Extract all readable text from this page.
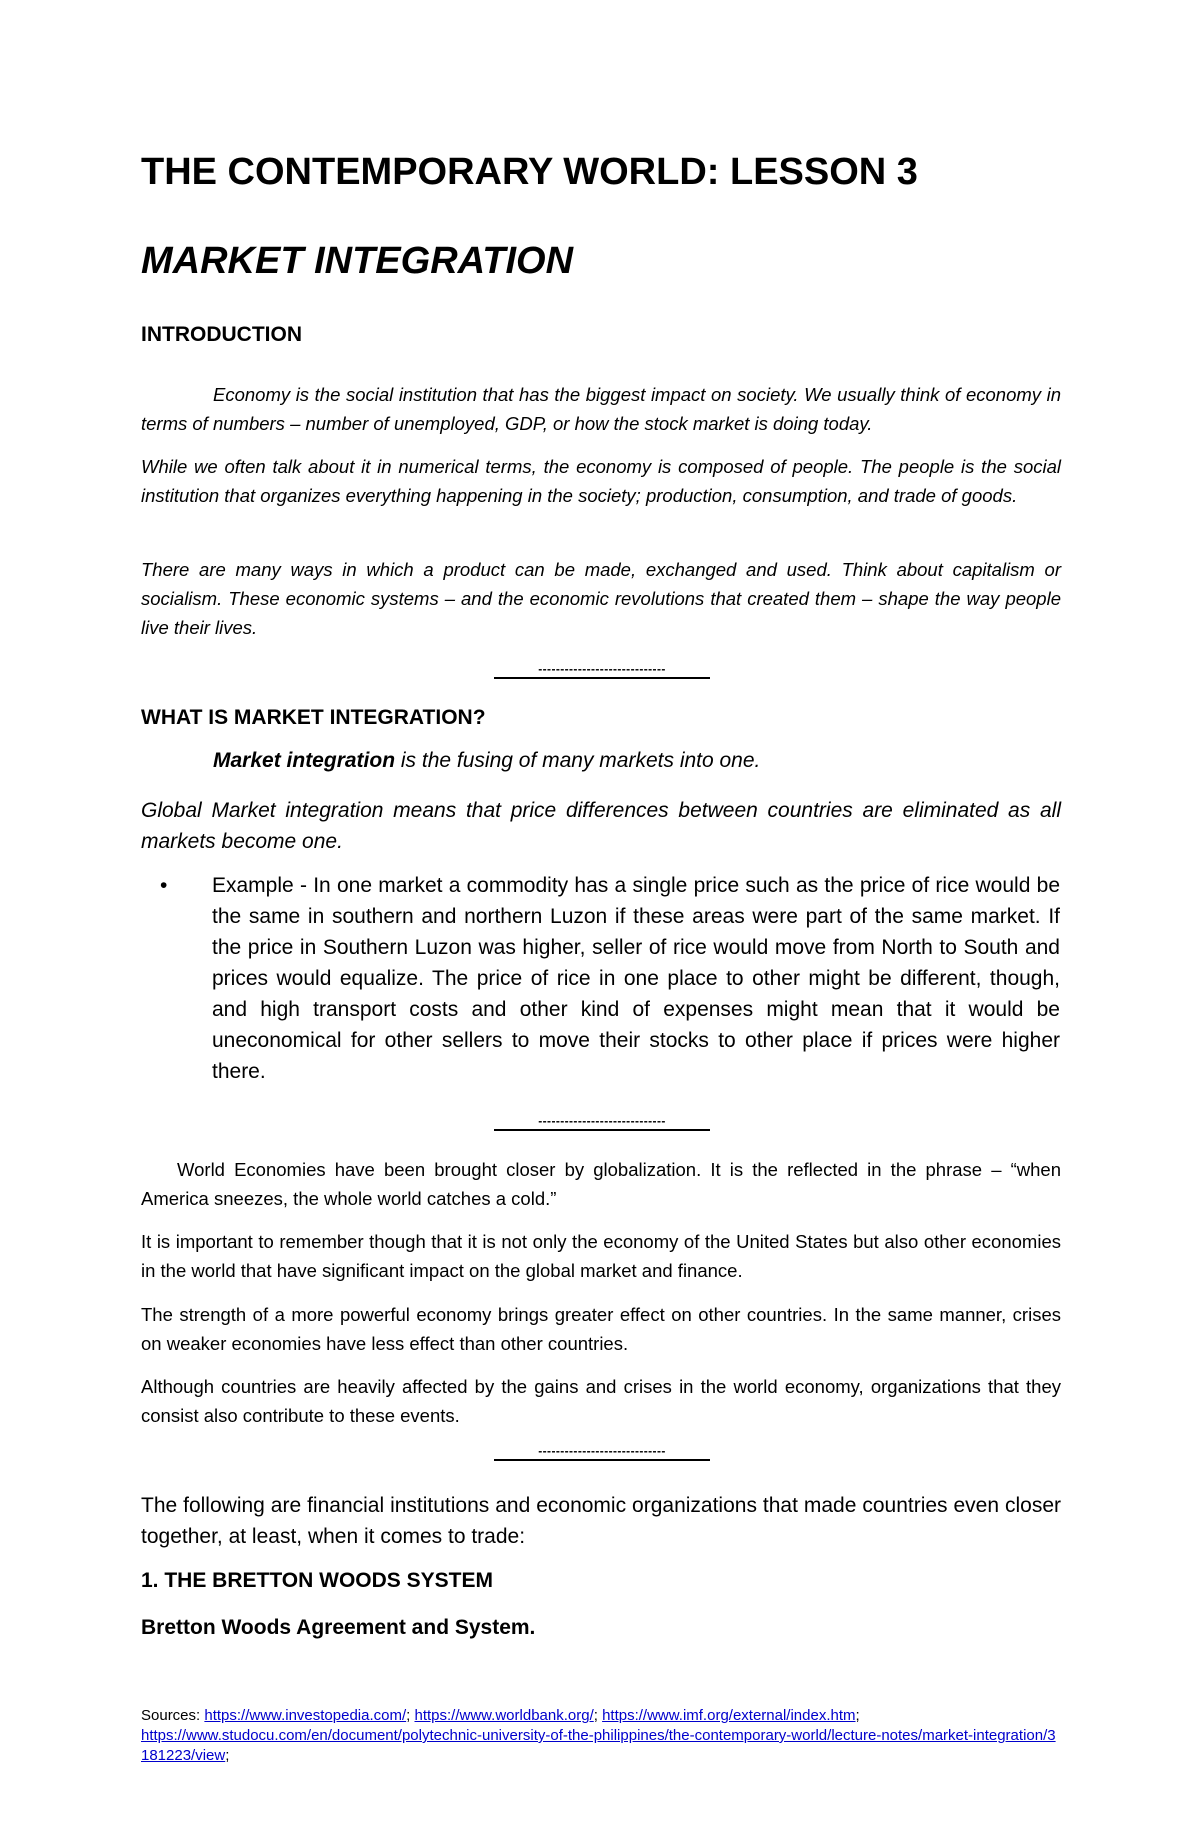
THE CONTEMPORARY WORLD: LESSON 3
MARKET INTEGRATION
INTRODUCTION

Economy is the social institution that has the biggest impact on society. We usually think of economy in terms of numbers – number of unemployed, GDP, or how the stock market is doing today.

While we often talk about it in numerical terms, the economy is composed of people. The people is the social institution that organizes everything happening in the society; production, consumption, and trade of goods.

There are many ways in which a product can be made, exchanged and used. Think about capitalism or socialism. These economic systems – and the economic revolutions that created them – shape the way people live their lives.

-----------------------------
WHAT IS MARKET INTEGRATION?

Market integration is the fusing of many markets into one.

Global Market integration means that price differences between countries are eliminated as all markets become one.

• Example - In one market a commodity has a single price such as the price of rice would be the same in southern and northern Luzon if these areas were part of the same market. If the price in Southern Luzon was higher, seller of rice would move from North to South and prices would equalize. The price of rice in one place to other might be different, though, and high transport costs and other kind of expenses might mean that it would be uneconomical for other sellers to move their stocks to other place if prices were higher there.

-----------------------------

World Economies have been brought closer by globalization. It is the reflected in the phrase – “when America sneezes, the whole world catches a cold.”

It is important to remember though that it is not only the economy of the United States but also other economies in the world that have significant impact on the global market and finance.

The strength of a more powerful economy brings greater effect on other countries. In the same manner, crises on weaker economies have less effect than other countries.

Although countries are heavily affected by the gains and crises in the world economy, organizations that they consist also contribute to these events.

-----------------------------

The following are financial institutions and economic organizations that made countries even closer together, at least, when it comes to trade:

1. THE BRETTON WOODS SYSTEM
Bretton Woods Agreement and System.
Sources: https://www.investopedia.com/; https://www.worldbank.org/; https://www.imf.org/external/index.htm;
https://www.studocu.com/en/document/polytechnic-university-of-the-philippines/the-contemporary-world/lecture-notes/market-integration/3181223/view;
